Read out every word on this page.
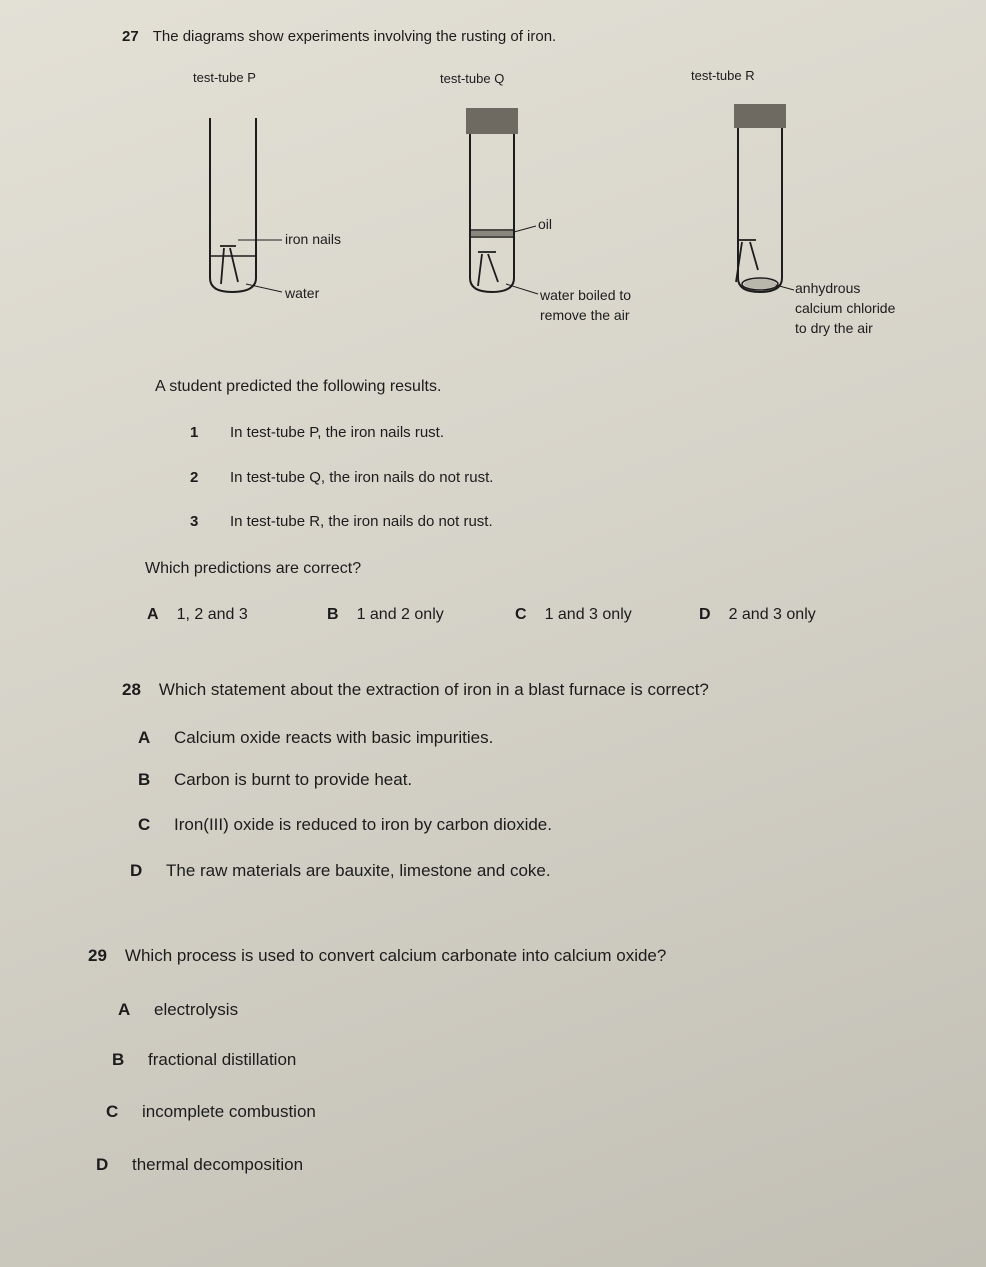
27 The diagrams show experiments involving the rusting of iron.
test-tube P	test-tube Q	test-tube R
iron nails
water
oil
water boiled to
remove the air
anhydrous
calcium chloride
to dry the air
A student predicted the following results.
1 In test-tube P, the iron nails rust.
2 In test-tube Q, the iron nails do not rust.
3 In test-tube R, the iron nails do not rust.
Which predictions are correct?
A 1, 2 and 3	B 1 and 2 only	C 1 and 3 only	D 2 and 3 only
28 Which statement about the extraction of iron in a blast furnace is correct?
A Calcium oxide reacts with basic impurities.
B Carbon is burnt to provide heat.
C Iron(III) oxide is reduced to iron by carbon dioxide.
D The raw materials are bauxite, limestone and coke.
29 Which process is used to convert calcium carbonate into calcium oxide?
A electrolysis
B fractional distillation
C incomplete combustion
D thermal decomposition
